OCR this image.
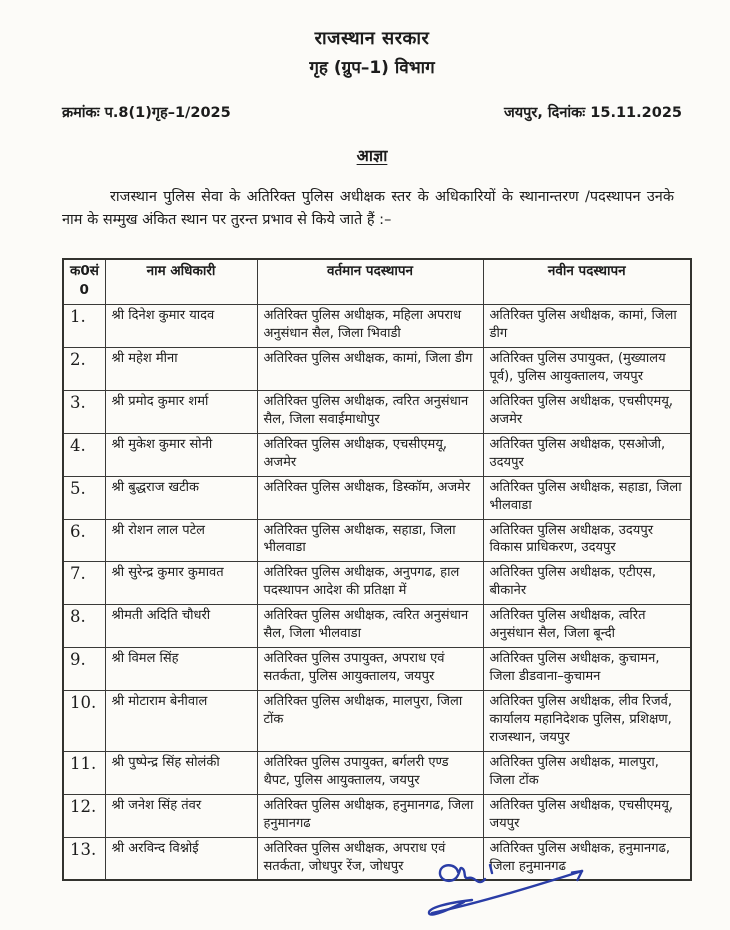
राजस्थान सरकार
गृह (ग्रुप–1) विभाग
क्रमांकः प.8(1)गृह–1/2025	जयपुर, दिनांकः 15.11.2025
आज्ञा
राजस्थान पुलिस सेवा के अतिरिक्त पुलिस अधीक्षक स्तर के अधिकारियों के स्थानान्तरण /पदस्थापन उनके नाम के सम्मुख अंकित स्थान पर तुरन्त प्रभाव से किये जाते हैं :–
क0सं
0	नाम अधिकारी	वर्तमान पदस्थापन	नवीन पदस्थापन
1.	श्री दिनेश कुमार यादव	अतिरिक्त पुलिस अधीक्षक, महिला अपराध अनुसंधान सैल, जिला भिवाडी	अतिरिक्त पुलिस अधीक्षक, कामां, जिला डीग
2.	श्री महेश मीना	अतिरिक्त पुलिस अधीक्षक, कामां, जिला डीग	अतिरिक्त पुलिस उपायुक्त, (मुख्यालय पूर्व), पुलिस आयुक्तालय, जयपुर
3.	श्री प्रमोद कुमार शर्मा	अतिरिक्त पुलिस अधीक्षक, त्वरित अनुसंधान सैल, जिला सवाईमाधोपुर	अतिरिक्त पुलिस अधीक्षक, एचसीएमयू, अजमेर
4.	श्री मुकेश कुमार सोनी	अतिरिक्त पुलिस अधीक्षक, एचसीएमयू, अजमेर	अतिरिक्त पुलिस अधीक्षक, एसओजी, उदयपुर
5.	श्री बुद्धराज खटीक	अतिरिक्त पुलिस अधीक्षक, डिस्कॉम, अजमेर	अतिरिक्त पुलिस अधीक्षक, सहाडा, जिला भीलवाडा
6.	श्री रोशन लाल पटेल	अतिरिक्त पुलिस अधीक्षक, सहाडा, जिला भीलवाडा	अतिरिक्त पुलिस अधीक्षक, उदयपुर विकास प्राधिकरण, उदयपुर
7.	श्री सुरेन्द्र कुमार कुमावत	अतिरिक्त पुलिस अधीक्षक, अनुपगढ, हाल पदस्थापन आदेश की प्रतिक्षा में	अतिरिक्त पुलिस अधीक्षक, एटीएस, बीकानेर
8.	श्रीमती अदिति चौधरी	अतिरिक्त पुलिस अधीक्षक, त्वरित अनुसंधान सैल, जिला भीलवाडा	अतिरिक्त पुलिस अधीक्षक, त्वरित अनुसंधान सैल, जिला बून्दी
9.	श्री विमल सिंह	अतिरिक्त पुलिस उपायुक्त, अपराध एवं सतर्कता, पुलिस आयुक्तालय, जयपुर	अतिरिक्त पुलिस अधीक्षक, कुचामन, जिला डीडवाना–कुचामन
10.	श्री मोटाराम बेनीवाल	अतिरिक्त पुलिस अधीक्षक, मालपुरा, जिला टोंक	अतिरिक्त पुलिस अधीक्षक, लीव रिजर्व, कार्यालय महानिदेशक पुलिस, प्रशिक्षण, राजस्थान, जयपुर
11.	श्री पुष्पेन्द्र सिंह सोलंकी	अतिरिक्त पुलिस उपायुक्त, बर्गलरी एण्ड थैपट, पुलिस आयुक्तालय, जयपुर	अतिरिक्त पुलिस अधीक्षक, मालपुरा, जिला टोंक
12.	श्री जनेश सिंह तंवर	अतिरिक्त पुलिस अधीक्षक, हनुमानगढ, जिला हनुमानगढ	अतिरिक्त पुलिस अधीक्षक, एचसीएमयू, जयपुर
13.	श्री अरविन्द विश्नोई	अतिरिक्त पुलिस अधीक्षक, अपराध एवं सतर्कता, जोधपुर रेंज, जोधपुर	अतिरिक्त पुलिस अधीक्षक, हनुमानगढ, जिला हनुमानगढ
